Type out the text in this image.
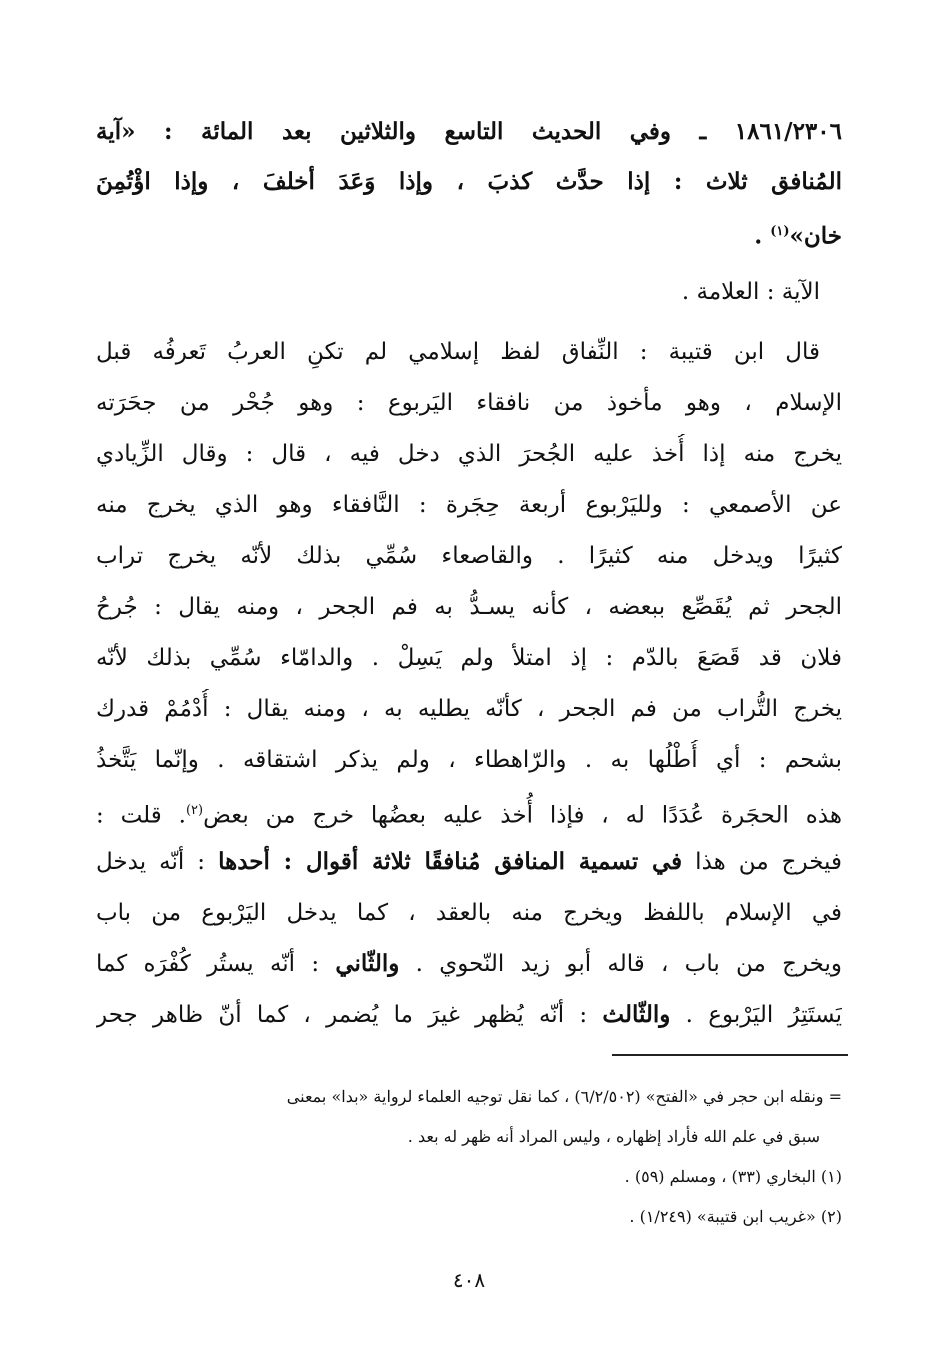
١٨٦١/٢٣٠٦ ـ وفي الحديث التاسع والثلاثين بعد المائة : «آية
المُنافق ثلاث : إذا حدَّث كذبَ ، وإذا وَعَدَ أخلفَ ، وإذا اؤْتُمِنَ
خان»$^{(١)}$ .
الآية : العلامة .
قال ابن قتيبة : النِّفاق لفظ إسلامي لم تكنِ العربُ تَعرفُه قبل
الإسلام ، وهو مأخوذ من نافقاء اليَربوع : وهو جُحْر من جحَرَته
يخرج منه إذا أُخذ عليه الجُحرَ الذي دخل فيه ، قال : وقال الزِّيادي
عن الأصمعي : ولليَرْبوع أربعة حِجَرة : النَّافقاء وهو الذي يخرج منه
كثيرًا ويدخل منه كثيرًا . والقاصعاء سُمِّي بذلك لأنّه يخرج تراب
الجحر ثم يُقَصِّع ببعضه ، كأنه يسـدُّ به فم الجحر ، ومنه يقال : جُرحُ
فلان قد قَصَعَ بالدّم : إذ امتلأ ولم يَسِلْ . والدامّاء سُمِّي بذلك لأنّه
يخرج التُّراب من فم الجحر ، كأنّه يطليه به ، ومنه يقال : أُدْمُمْ قدرك
بشحم : أي أُطْلُها به . والرّاهطاء ، ولم يذكر اشتقاقه . وإنّما يَتَّخذُ
هذه الحجَرة عُدَدًا له ، فإذا أُخذ عليه بعضُها خرج من بعض$^{(٢)}$. قلت :
فيخرج من هذا في تسمية المنافق مُنافقًا ثلاثة أقوال : أحدها : أنّه يدخل
في الإسلام باللفظ ويخرج منه بالعقد ، كما يدخل اليَرْبوع من باب
ويخرج من باب ، قاله أبو زيد النّحوي . والثّاني : أنّه يستُر كُفْرَه كما
يَستَتِرُ اليَرْبوع . والثّالث : أنّه يُظهر غيرَ ما يُضمر ، كما أنّ ظاهر جحر
= ونقله ابن حجر في «الفتح» (٦/٢/٥٠٢) ، كما نقل توجيه العلماء لرواية «بدا» بمعنى
سبق في علم الله فأراد إظهاره ، وليس المراد أنه ظهر له بعد .
(١) البخاري (٣٣) ، ومسلم (٥٩) .
(٢) «غريب ابن قتيبة» (١/٢٤٩) .
٤٠٨
